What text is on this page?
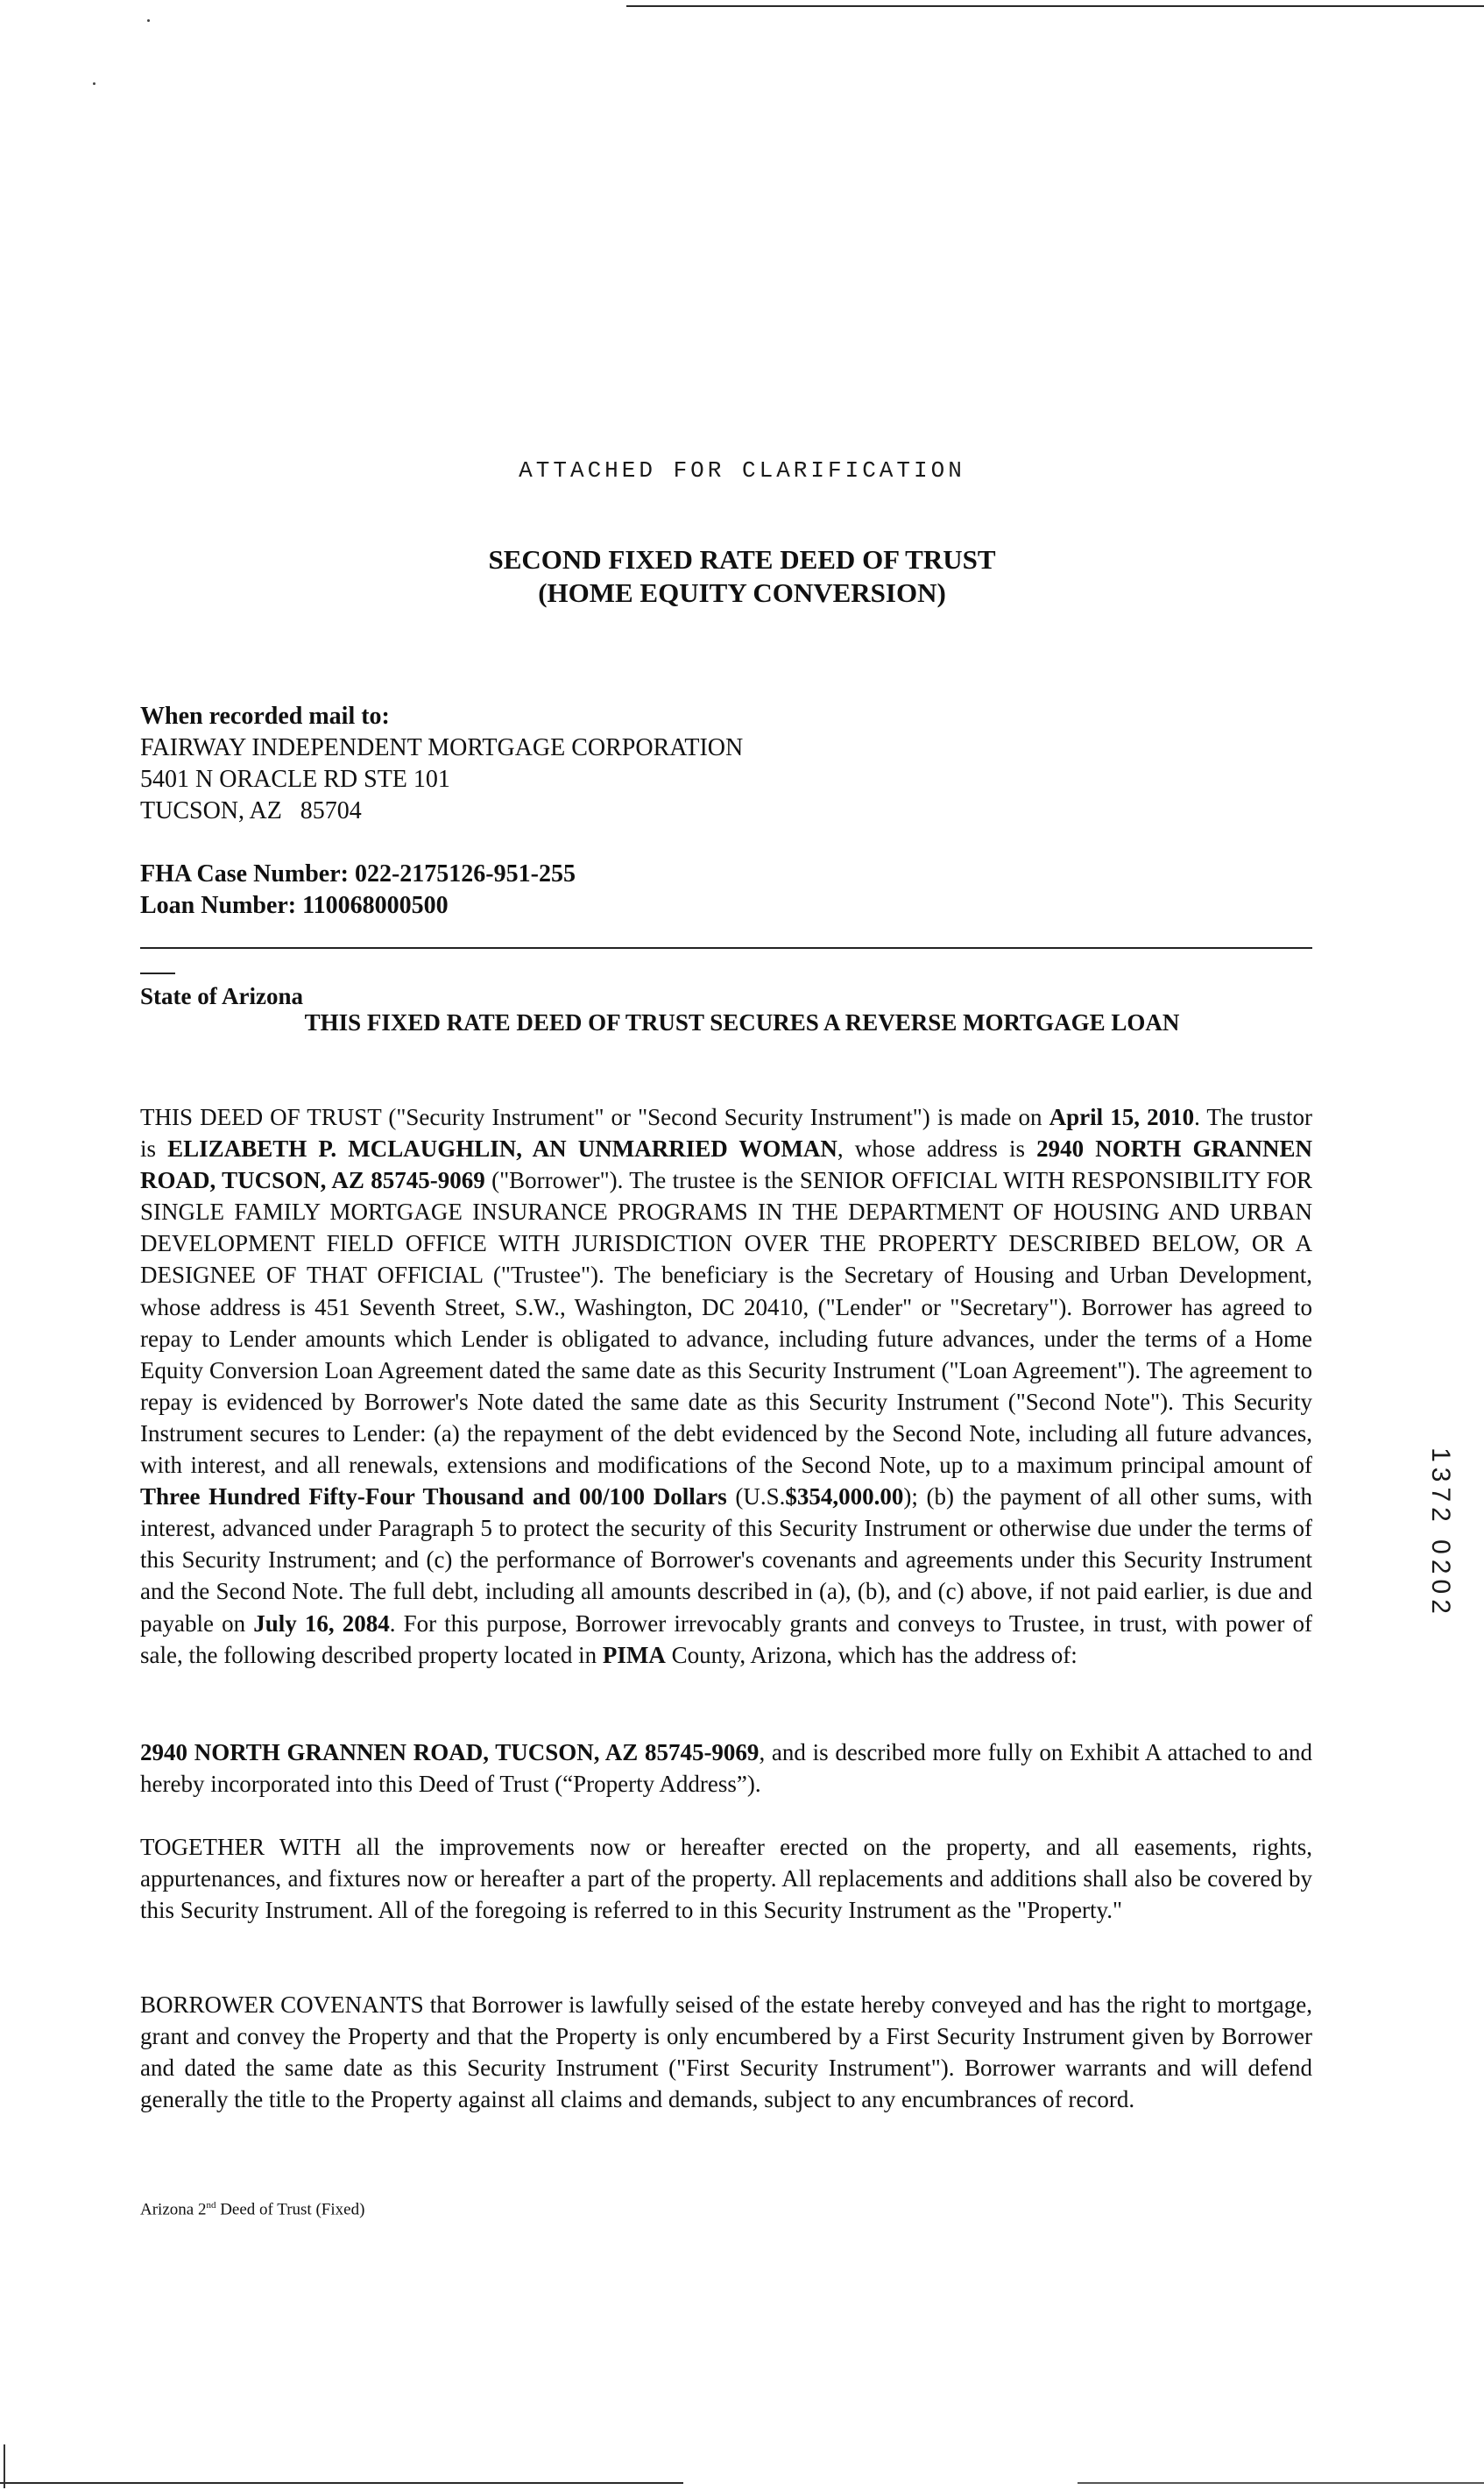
ATTACHED FOR CLARIFICATION
SECOND FIXED RATE DEED OF TRUST
(HOME EQUITY CONVERSION)
When recorded mail to:
FAIRWAY INDEPENDENT MORTGAGE CORPORATION
5401 N ORACLE RD STE 101
TUCSON, AZ   85704
FHA Case Number: 022-2175126-951-255
Loan Number: 110068000500
State of Arizona
THIS FIXED RATE DEED OF TRUST SECURES A REVERSE MORTGAGE LOAN

THIS DEED OF TRUST ("Security Instrument" or "Second Security Instrument") is made on April 15, 2010. The trustor is ELIZABETH P. MCLAUGHLIN, AN UNMARRIED WOMAN, whose address is 2940 NORTH GRANNEN ROAD, TUCSON, AZ 85745-9069 ("Borrower"). The trustee is the SENIOR OFFICIAL WITH RESPONSIBILITY FOR SINGLE FAMILY MORTGAGE INSURANCE PROGRAMS IN THE DEPARTMENT OF HOUSING AND URBAN DEVELOPMENT FIELD OFFICE WITH JURISDICTION OVER THE PROPERTY DESCRIBED BELOW, OR A DESIGNEE OF THAT OFFICIAL ("Trustee"). The beneficiary is the Secretary of Housing and Urban Development, whose address is 451 Seventh Street, S.W., Washington, DC 20410, ("Lender" or "Secretary"). Borrower has agreed to repay to Lender amounts which Lender is obligated to advance, including future advances, under the terms of a Home Equity Conversion Loan Agreement dated the same date as this Security Instrument ("Loan Agreement"). The agreement to repay is evidenced by Borrower's Note dated the same date as this Security Instrument ("Second Note"). This Security Instrument secures to Lender: (a) the repayment of the debt evidenced by the Second Note, including all future advances, with interest, and all renewals, extensions and modifications of the Second Note, up to a maximum principal amount of Three Hundred Fifty-Four Thousand and 00/100 Dollars (U.S.$354,000.00); (b) the payment of all other sums, with interest, advanced under Paragraph 5 to protect the security of this Security Instrument or otherwise due under the terms of this Security Instrument; and (c) the performance of Borrower's covenants and agreements under this Security Instrument and the Second Note. The full debt, including all amounts described in (a), (b), and (c) above, if not paid earlier, is due and payable on July 16, 2084. For this purpose, Borrower irrevocably grants and conveys to Trustee, in trust, with power of sale, the following described property located in PIMA County, Arizona, which has the address of:

2940 NORTH GRANNEN ROAD, TUCSON, AZ 85745-9069, and is described more fully on Exhibit A attached to and hereby incorporated into this Deed of Trust (“Property Address”).

TOGETHER WITH all the improvements now or hereafter erected on the property, and all easements, rights, appurtenances, and fixtures now or hereafter a part of the property. All replacements and additions shall also be covered by this Security Instrument. All of the foregoing is referred to in this Security Instrument as the "Property."

BORROWER COVENANTS that Borrower is lawfully seised of the estate hereby conveyed and has the right to mortgage, grant and convey the Property and that the Property is only encumbered by a First Security Instrument given by Borrower and dated the same date as this Security Instrument ("First Security Instrument"). Borrower warrants and will defend generally the title to the Property against all claims and demands, subject to any encumbrances of record.

Arizona 2nd Deed of Trust (Fixed)
1372 0202
